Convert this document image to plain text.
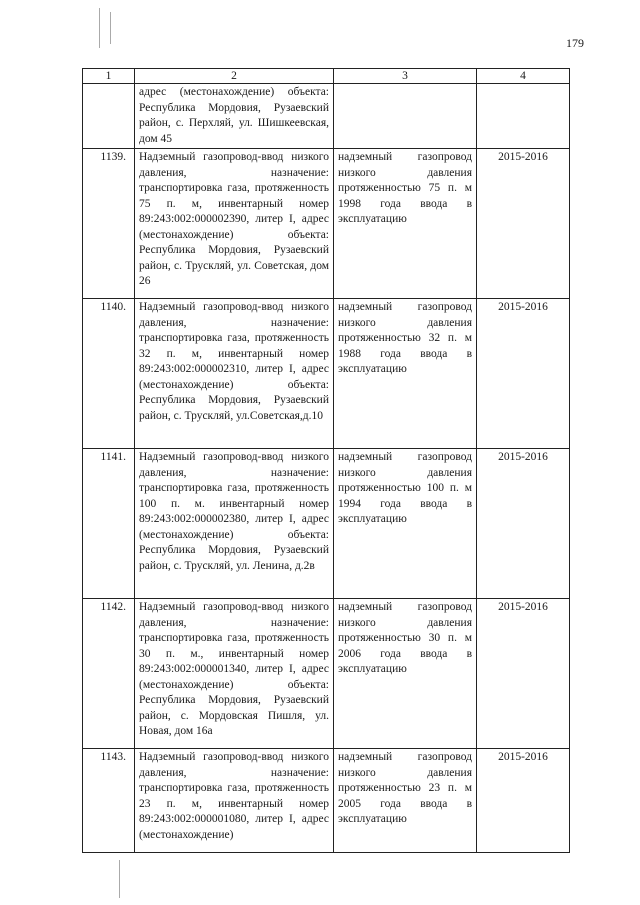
179
1	2	3	4
	адрес (местонахождение) объекта: Республика Мордовия, Рузаевский район, с. Перхляй, ул. Шишкеевская, дом 45		
1139.	Надземный газопровод-ввод низкого давления, назначение: транспортировка газа, протяженность 75 п. м, инвентарный номер 89:243:002:000002390, литер I, адрес (местонахождение) объекта: Республика Мордовия, Рузаевский район, с. Трускляй, ул. Советская, дом 26	надземный газопровод низкого давления протяженностью 75 п. м 1998 года ввода в эксплуатацию	2015-2016
1140.	Надземный газопровод-ввод низкого давления, назначение: транспортировка газа, протяженность 32 п. м, инвентарный номер 89:243:002:000002310, литер I, адрес (местонахождение) объекта: Республика Мордовия, Рузаевский район, с. Трускляй, ул.Советская,д.10	надземный газопровод низкого давления протяженностью 32 п. м 1988 года ввода в эксплуатацию	2015-2016
1141.	Надземный газопровод-ввод низкого давления, назначение: транспортировка газа, протяженность 100 п. м. инвентарный номер 89:243:002:000002380, литер I, адрес (местонахождение) объекта: Республика Мордовия, Рузаевский район, с. Трускляй, ул. Ленина, д.2в	надземный газопровод низкого давления протяженностью 100 п. м 1994 года ввода в эксплуатацию	2015-2016
1142.	Надземный газопровод-ввод низкого давления, назначение: транспортировка газа, протяженность 30 п. м., инвентарный номер 89:243:002:000001340, литер I, адрес (местонахождение) объекта: Республика Мордовия, Рузаевский район, с. Мордовская Пишля, ул. Новая, дом 16а	надземный газопровод низкого давления протяженностью 30 п. м 2006 года ввода в эксплуатацию	2015-2016
1143.	Надземный газопровод-ввод низкого давления, назначение: транспортировка газа, протяженность 23 п. м, инвентарный номер 89:243:002:000001080, литер I, адрес (местонахождение)	надземный газопровод низкого давления протяженностью 23 п. м 2005 года ввода в эксплуатацию	2015-2016
